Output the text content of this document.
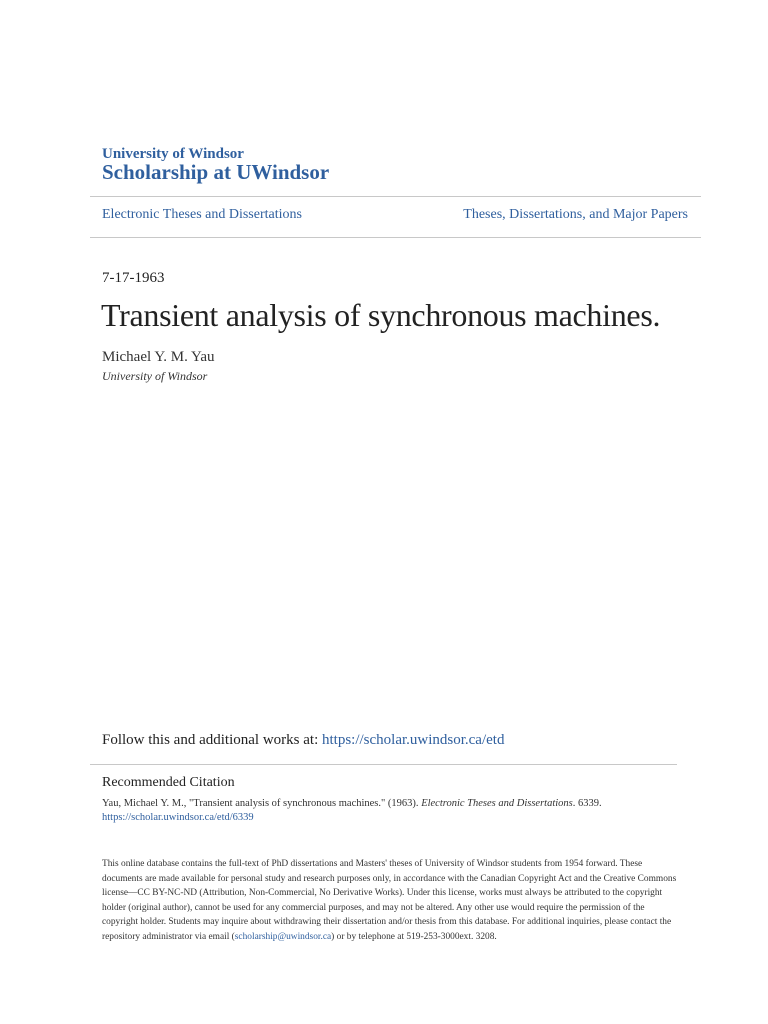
University of Windsor
Scholarship at UWindsor
Electronic Theses and Dissertations	Theses, Dissertations, and Major Papers
7-17-1963
Transient analysis of synchronous machines.
Michael Y. M. Yau
University of Windsor
Follow this and additional works at: https://scholar.uwindsor.ca/etd
Recommended Citation
Yau, Michael Y. M., "Transient analysis of synchronous machines." (1963). Electronic Theses and Dissertations. 6339.
https://scholar.uwindsor.ca/etd/6339
This online database contains the full-text of PhD dissertations and Masters' theses of University of Windsor students from 1954 forward. These documents are made available for personal study and research purposes only, in accordance with the Canadian Copyright Act and the Creative Commons license—CC BY-NC-ND (Attribution, Non-Commercial, No Derivative Works). Under this license, works must always be attributed to the copyright holder (original author), cannot be used for any commercial purposes, and may not be altered. Any other use would require the permission of the copyright holder. Students may inquire about withdrawing their dissertation and/or thesis from this database. For additional inquiries, please contact the repository administrator via email (scholarship@uwindsor.ca) or by telephone at 519-253-3000ext. 3208.
